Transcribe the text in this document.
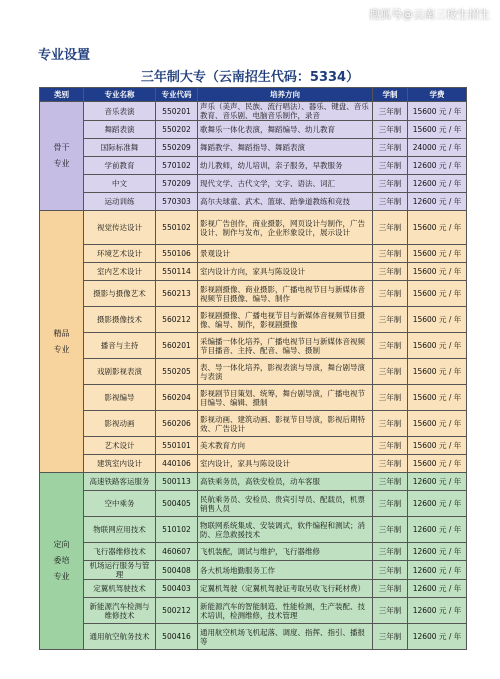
搜狐号@云南三校生招生
专业设置
三年制大专（云南招生代码：5334）
类别	专业名称	专业代码	培养方向	学制	学费

骨干
专业	音乐表演	550201	声乐（美声、民族、流行唱法）、器乐、键盘、音乐教育、音乐剧、电脑音乐制作，录音	三年制	15600 元 / 年
	舞蹈表演	550202	歌舞乐一体化表演，舞蹈编导、幼儿教育	三年制	15600 元 / 年
	国际标准舞	550209	舞蹈教学、舞蹈指导、舞蹈表演	三年制	24000 元 / 年
	学前教育	570102	幼儿教师，幼儿培训，亲子服务，早教服务	三年制	12600 元 / 年
	中文	570209	现代文学、古代文学，文字、语法、词汇	三年制	12600 元 / 年
	运动训练	570303	高尔夫球童、武术、篮球、跆拳道教练和竞技	三年制	12600 元 / 年

精品
专业	视觉传达设计	550102	影视广告创作，商业摄影，网页设计与制作，广告设计、制作与发布，企业形象设计，展示设计	三年制	15600 元 / 年
	环境艺术设计	550106	景观设计	三年制	15600 元 / 年
	室内艺术设计	550114	室内设计方向，家具与陈设设计	三年制	15600 元 / 年
	摄影与摄像艺术	560213	影视剧摄像、商业摄影，广播电视节目与新媒体音视频节目摄像、编导、制作	三年制	15600 元 / 年
	摄影摄像技术	560212	影视剧摄像、广播电视节目与新媒体音视频节目摄像、编导、制作，影视剧摄像	三年制	15600 元 / 年
	播音与主持	560201	采编播一体化培养，广播电视节目与新媒体音视频节目播音、主持、配音、编导、摄制	三年制	15600 元 / 年
	戏剧影视表演	550205	表、导一体化培养，影视表演与导演，舞台剧导演与表演	三年制	15600 元 / 年
	影视编导	560204	影视剧节目策划、统筹，舞台剧导演，广播电视节目编导、编辑、摄制	三年制	15600 元 / 年
	影视动画	560206	影视动画、建筑动画、影视节目导演，影视后期特效、广告设计	三年制	15600 元 / 年
	艺术设计	550101	美术教育方向	三年制	15600 元 / 年
	建筑室内设计	440106	室内设计，家具与陈设设计	三年制	15600 元 / 年

定向
委培
专业	高速铁路客运服务	500113	高铁乘务员，高铁安检员，动车客服	三年制	12600 元 / 年
	空中乘务	500405	民航乘务员、安检员、贵宾引导员、配载员，机票销售人员	三年制	12600 元 / 年
	物联网应用技术	510102	物联网系统集成、安装调式，软件编程和测试；消防、应急救援技术	三年制	12600 元 / 年
	飞行器维修技术	460607	飞机装配，调试与维护，飞行器维修	三年制	12600 元 / 年
	机场运行服务与管理	500408	各大机场地勤服务工作	三年制	12600 元 / 年
	定翼机驾驶技术	500403	定翼机驾驶（定翼机驾驶证考取另收飞行耗材费）	三年制	12600 元 / 年
	新能源汽车检测与维修技术	500212	新能源汽车的智能制造、性能检测，生产装配、技术培训，检测维修，技术管理	三年制	12600 元 / 年
	通用航空航务技术	500416	通用航空机场飞机起落、调度、指挥、指引、播报等	三年制	12600 元 / 年
